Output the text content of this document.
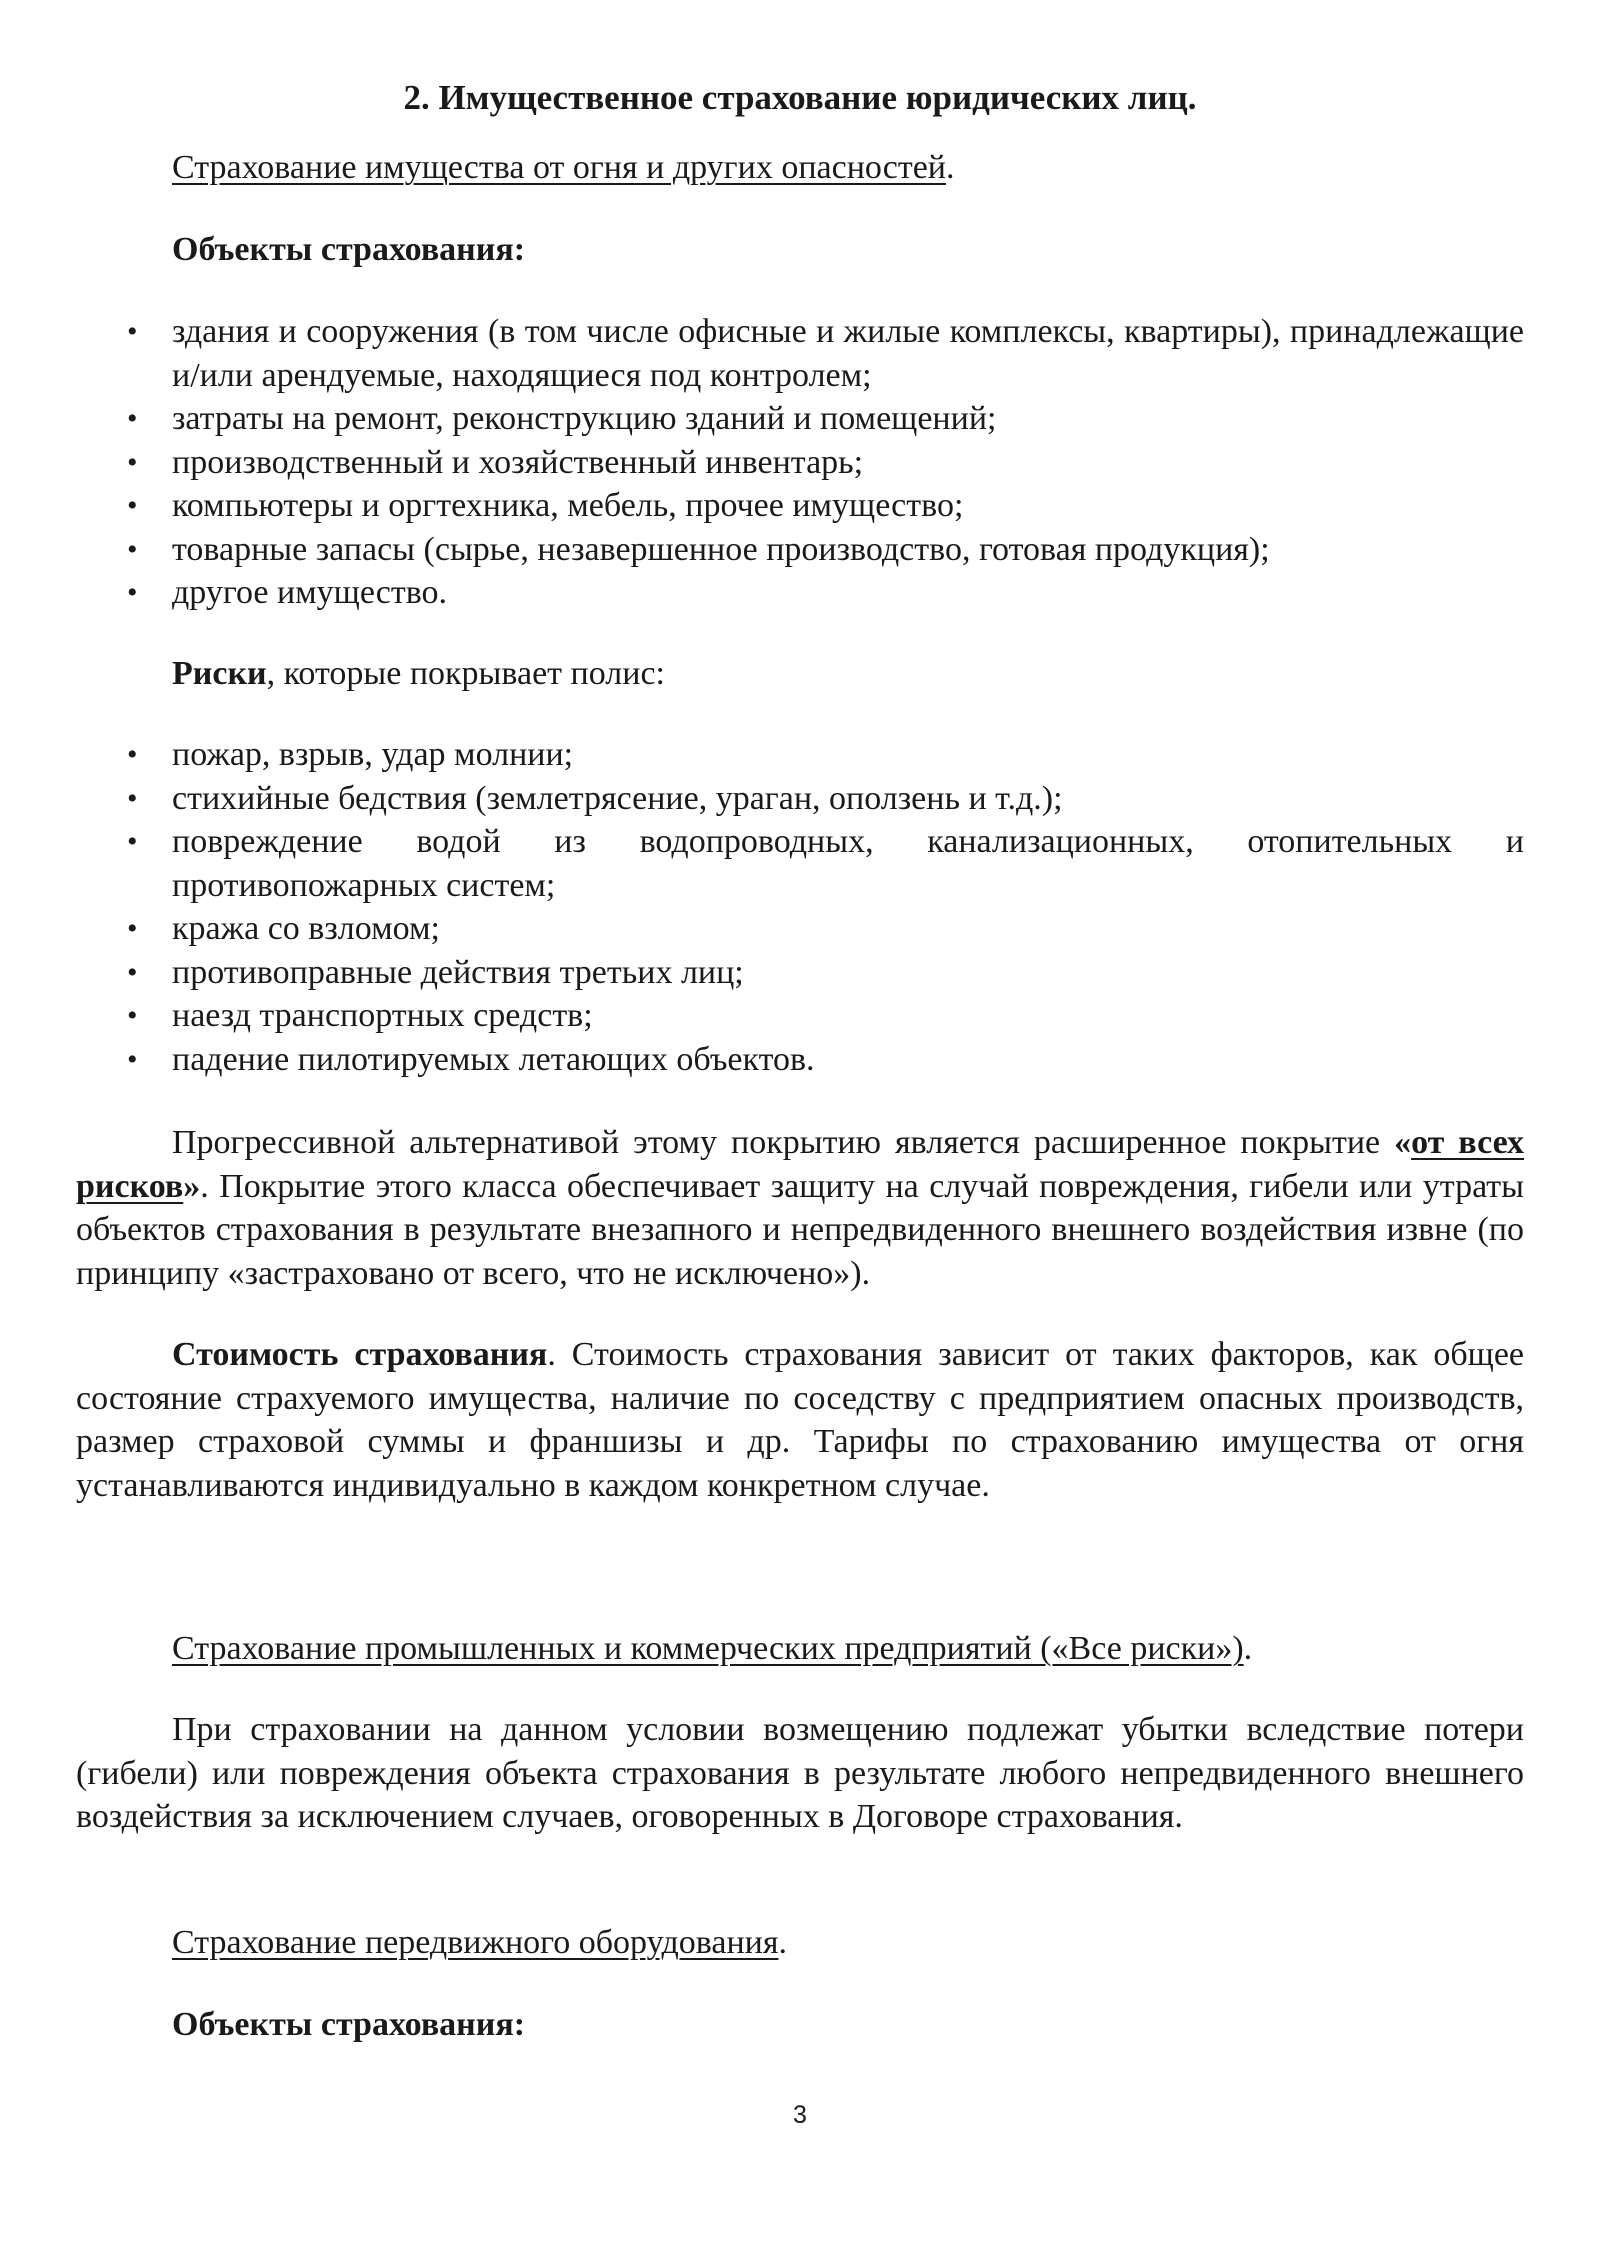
2. Имущественное страхование юридических лиц.

Страхование имущества от огня и других опасностей.

Объекты страхования:

• здания и сооружения (в том числе офисные и жилые комплексы, квартиры), принадлежащие и/или арендуемые, находящиеся под контролем;
• затраты на ремонт, реконструкцию зданий и помещений;
• производственный и хозяйственный инвентарь;
• компьютеры и оргтехника, мебель, прочее имущество;
• товарные запасы (сырье, незавершенное производство, готовая продукция);
• другое имущество.

Риски, которые покрывает полис:

• пожар, взрыв, удар молнии;
• стихийные бедствия (землетрясение, ураган, оползень и т.д.);
• повреждение водой из водопроводных, канализационных, отопительных и противопожарных систем;
• кража со взломом;
• противоправные действия третьих лиц;
• наезд транспортных средств;
• падение пилотируемых летающих объектов.

Прогрессивной альтернативой этому покрытию является расширенное покрытие «от всех рисков». Покрытие этого класса обеспечивает защиту на случай повреждения, гибели или утраты объектов страхования в результате внезапного и непредвиденного внешнего воздействия извне (по принципу «застраховано от всего, что не исключено»).

Стоимость страхования. Стоимость страхования зависит от таких факторов, как общее состояние страхуемого имущества, наличие по соседству с предприятием опасных производств, размер страховой суммы и франшизы и др. Тарифы по страхованию имущества от огня устанавливаются индивидуально в каждом конкретном случае.

Страхование промышленных и коммерческих предприятий («Все риски»).

При страховании на данном условии возмещению подлежат убытки вследствие потери (гибели) или повреждения объекта страхования в результате любого непредвиденного внешнего воздействия за исключением случаев, оговоренных в Договоре страхования.

Страхование передвижного оборудования.

Объекты страхования:

3
